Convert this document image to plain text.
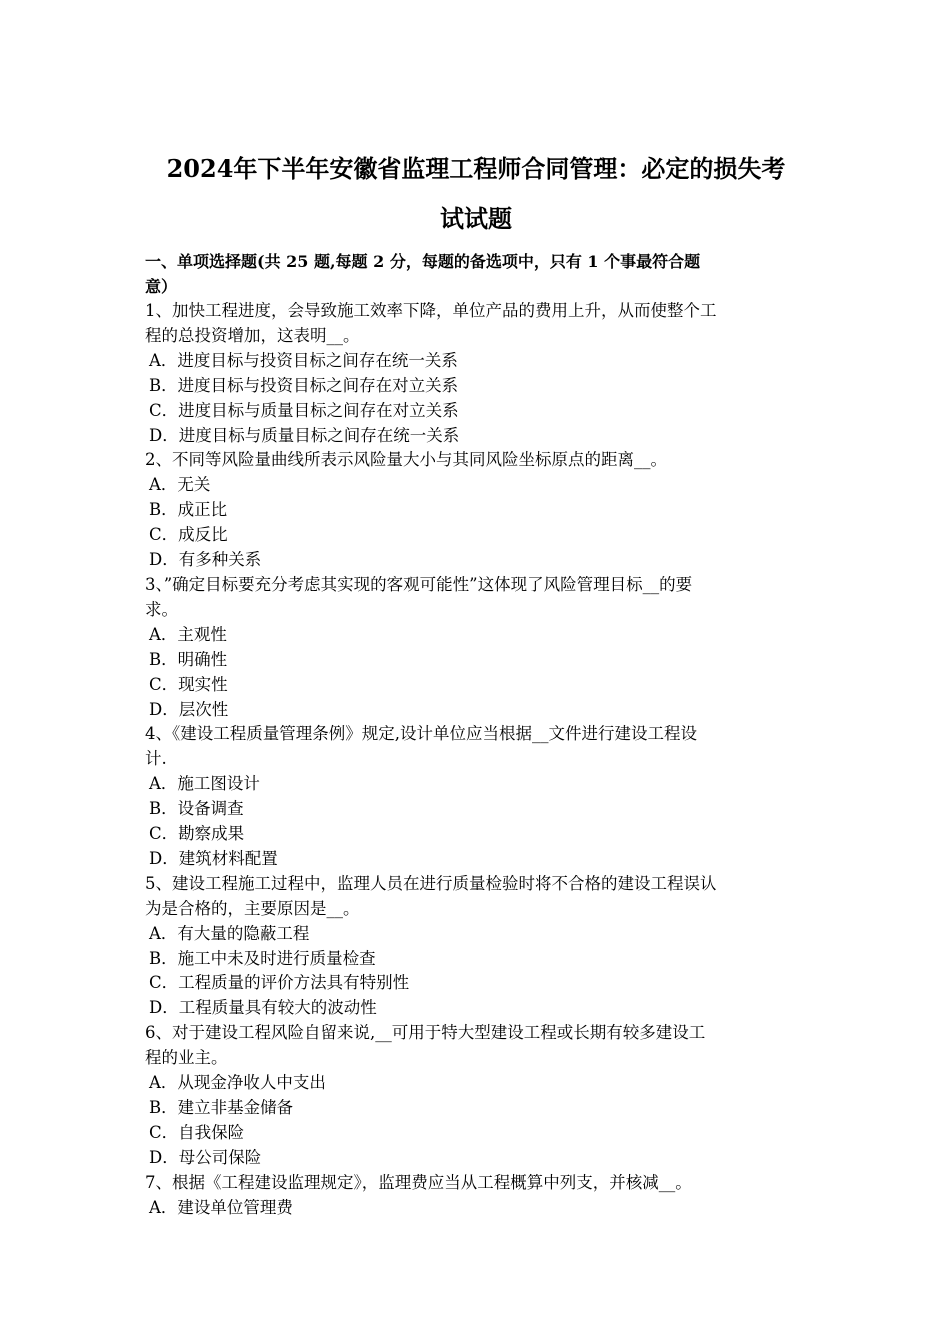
2024年下半年安徽省监理工程师合同管理：必定的损失考
试试题
一、单项选择题(共 25 题,每题 2 分，每题的备选项中，只有 1 个事最符合题
意）
1、加快工程进度，会导致施工效率下降，单位产品的费用上升，从而使整个工
程的总投资增加，这表明__。
A．进度目标与投资目标之间存在统一关系
B．进度目标与投资目标之间存在对立关系
C．进度目标与质量目标之间存在对立关系
D．进度目标与质量目标之间存在统一关系
2、不同等风险量曲线所表示风险量大小与其同风险坐标原点的距离__。
A．无关
B．成正比
C．成反比
D．有多种关系
3、”确定目标要充分考虑其实现的客观可能性”这体现了风险管理目标__的要
求。
A．主观性
B．明确性
C．现实性
D．层次性
4、《建设工程质量管理条例》规定,设计单位应当根据__文件进行建设工程设
计.
A．施工图设计
B．设备调查
C．勘察成果
D．建筑材料配置
5、建设工程施工过程中，监理人员在进行质量检验时将不合格的建设工程误认
为是合格的，主要原因是__。
A．有大量的隐蔽工程
B．施工中未及时进行质量检查
C．工程质量的评价方法具有特别性
D．工程质量具有较大的波动性
6、对于建设工程风险自留来说,__可用于特大型建设工程或长期有较多建设工
程的业主。
A．从现金净收人中支出
B．建立非基金储备
C．自我保险
D．母公司保险
7、根据《工程建设监理规定》，监理费应当从工程概算中列支，并核减__。
A．建设单位管理费
